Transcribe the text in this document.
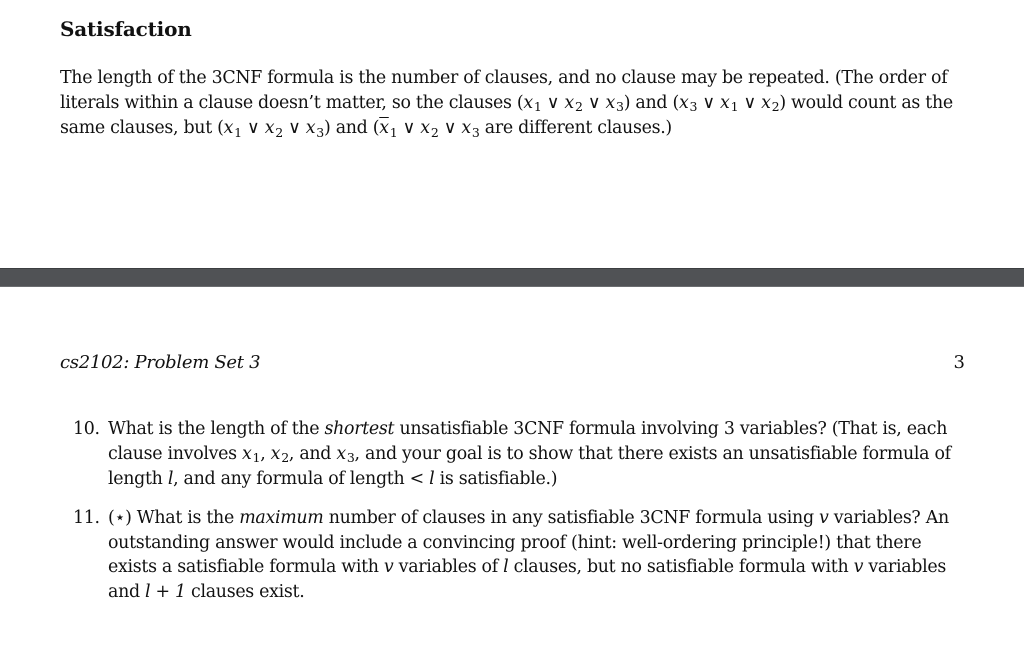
Satisfaction

The length of the 3CNF formula is the number of clauses, and no clause may be repeated. (The order of literals within a clause doesn’t matter, so the clauses ($x_1$ ∨ $x_2$ ∨ $x_3$) and ($x_3$ ∨ $x_1$ ∨ $x_2$) would count as the same clauses, but ($x_1$ ∨ $x_2$ ∨ $x_3$) and ($\overline{x}_1$ ∨ $x_2$ ∨ $x_3$ are different clauses.)

cs2102: Problem Set 3	3
10. What is the length of the shortest unsatisfiable 3CNF formula involving 3 variables? (That is, each clause involves $x_1$, $x_2$, and $x_3$, and your goal is to show that there exists an unsatisfiable formula of length l, and any formula of length < l is satisfiable.)
11. (⋆) What is the maximum number of clauses in any satisfiable 3CNF formula using v variables? An outstanding answer would include a convincing proof (hint: well-ordering principle!) that there exists a satisfiable formula with v variables of l clauses, but no satisfiable formula with v variables and l + 1 clauses exist.
